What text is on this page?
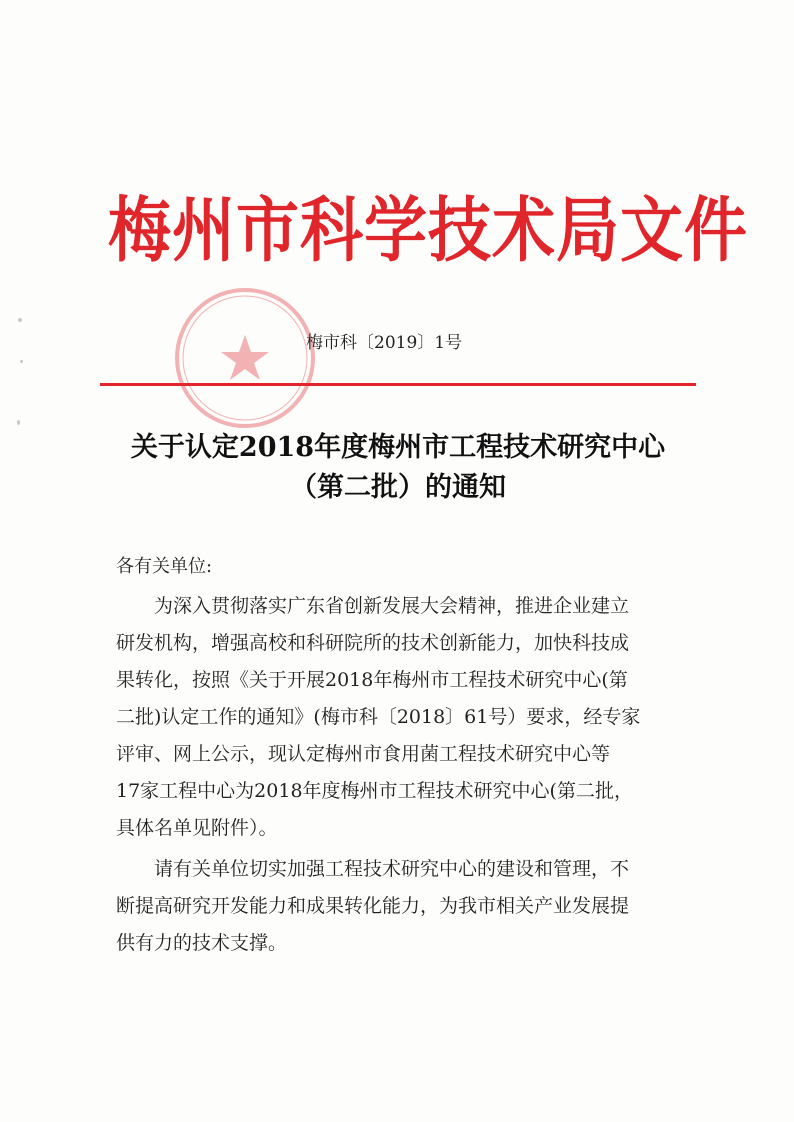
梅州市科学技术局文件
梅市科〔2019〕1号
关于认定2018年度梅州市工程技术研究中心
（第二批）的通知
各有关单位:
为深入贯彻落实广东省创新发展大会精神，推进企业建立
研发机构，增强高校和科研院所的技术创新能力，加快科技成
果转化，按照《关于开展2018年梅州市工程技术研究中心(第
二批)认定工作的通知》(梅市科〔2018〕61号）要求，经专家
评审、网上公示，现认定梅州市食用菌工程技术研究中心等
17家工程中心为2018年度梅州市工程技术研究中心(第二批，
具体名单见附件）。
请有关单位切实加强工程技术研究中心的建设和管理，不
断提高研究开发能力和成果转化能力，为我市相关产业发展提
供有力的技术支撑。
